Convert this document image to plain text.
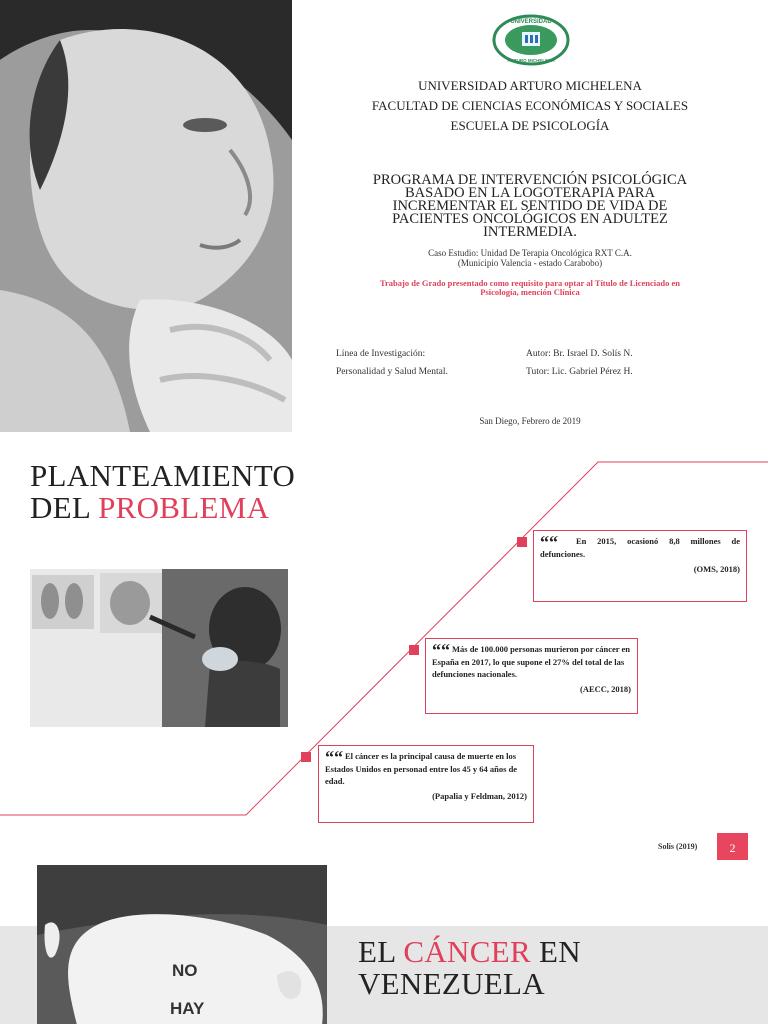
UNIVERSIDAD
ARTURO MICHELENA
UNIVERSIDAD ARTURO MICHELENA
FACULTAD DE CIENCIAS ECONÓMICAS Y SOCIALES
ESCUELA DE PSICOLOGÍA
PROGRAMA DE INTERVENCIÓN PSICOLÓGICA
BASADO EN LA LOGOTERAPIA PARA
INCREMENTAR EL SENTIDO DE VIDA DE
PACIENTES ONCOLÓGICOS EN ADULTEZ
INTERMEDIA.
Caso Estudio: Unidad De Terapia Oncológica RXT C.A.
(Municipio Valencia - estado Carabobo)
Trabajo de Grado presentado como requisito para optar al Título de Licenciado en
Psicología, mención Clínica
Línea de Investigación:
Personalidad y Salud Mental.
Autor: Br. Israel D. Solís N.
Tutor: Lic. Gabriel Pérez H.
San Diego, Febrero de 2019
PLANTEAMIENTO
DEL PROBLEMA
““ En 2015, ocasionó 8,8 millones de defunciones.
(OMS, 2018)
““ Más de 100.000 personas murieron por cáncer en España en 2017, lo que supone el 27% del total de las defunciones nacionales.
(AECC, 2018)
““ El cáncer es la principal causa de muerte en los Estados Unidos en personad entre los 45 y 64 años de edad.
(Papalia y Feldman, 2012)
Solís (2019)	2
NO
HAY
EL CÁNCER EN
VENEZUELA
